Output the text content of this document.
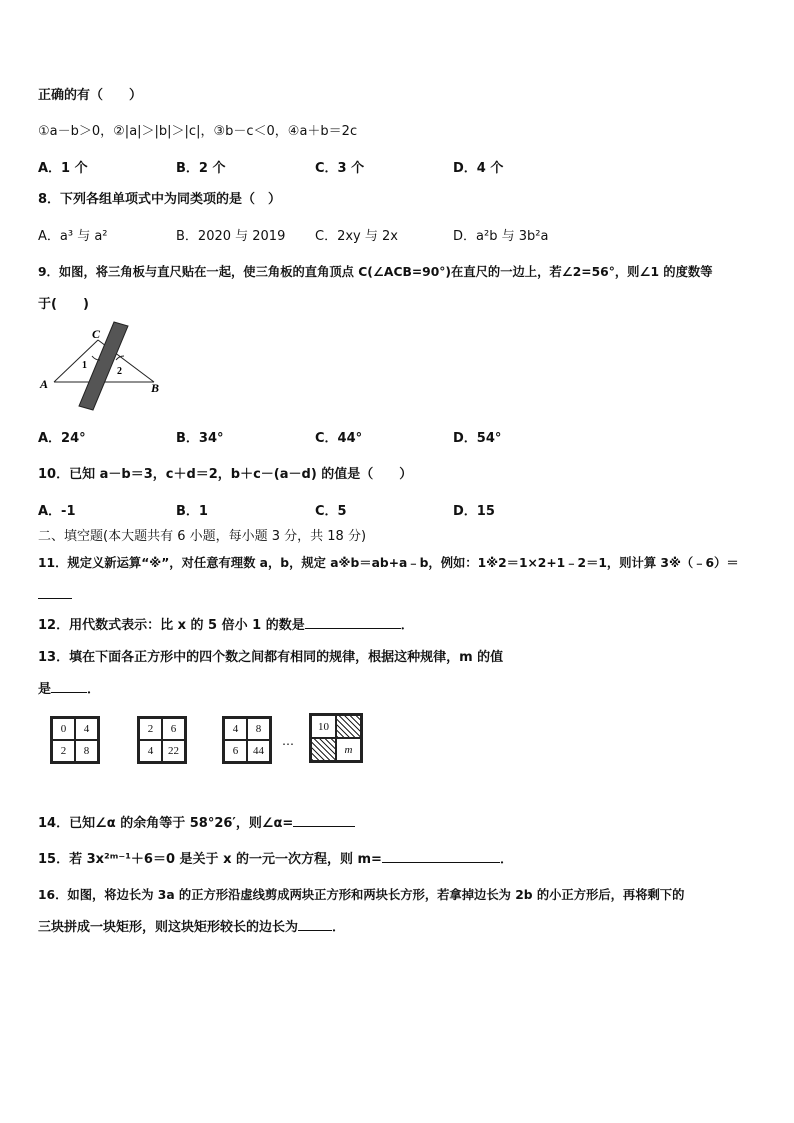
正确的有（　　）
①a－b＞0，②|a|＞|b|＞|c|，③b－c＜0，④a＋b＝2c
A．1 个	B．2 个	C．3 个	D．4 个
8．下列各组单项式中为同类项的是（　）
A．a³ 与 a²	B．2020 与 2019 C．2xy 与 2x	D．a²b 与 3b²a
9．如图，将三角板与直尺贴在一起，使三角板的直角顶点 C(∠ACB=90°)在直尺的一边上，若∠2=56°，则∠1 的度数等
于(　　)
C
A	B
1
2
A．24°	B．34°	C．44°	D．54°
10．已知 a－b＝3，c＋d＝2，b＋c－(a－d) 的值是（　　）
A．-1	B．1	C．5	D．15
二、填空题(本大题共有 6 小题，每小题 3 分，共 18 分)
11．规定义新运算“※”，对任意有理数 a，b，规定 a※b＝ab+a﹣b，例如：1※2＝1×2+1﹣2＝1，则计算 3※（﹣6）＝
12．用代数式表示：比 x 的 5 倍小 1 的数是	．
13．填在下面各正方形中的四个数之间都有相同的规律，根据这种规律，m 的值
是	．
0	4
2	8
2	6
4	22
4	8
6	44
…
10
m
14．已知∠α 的余角等于 58°26′，则∠α=
15．若 3x²ᵐ⁻¹＋6＝0 是关于 x 的一元一次方程，则 m=	．
16．如图，将边长为 3a 的正方形沿虚线剪成两块正方形和两块长方形，若拿掉边长为 2b 的小正方形后，再将剩下的
三块拼成一块矩形，则这块矩形较长的边长为	．
